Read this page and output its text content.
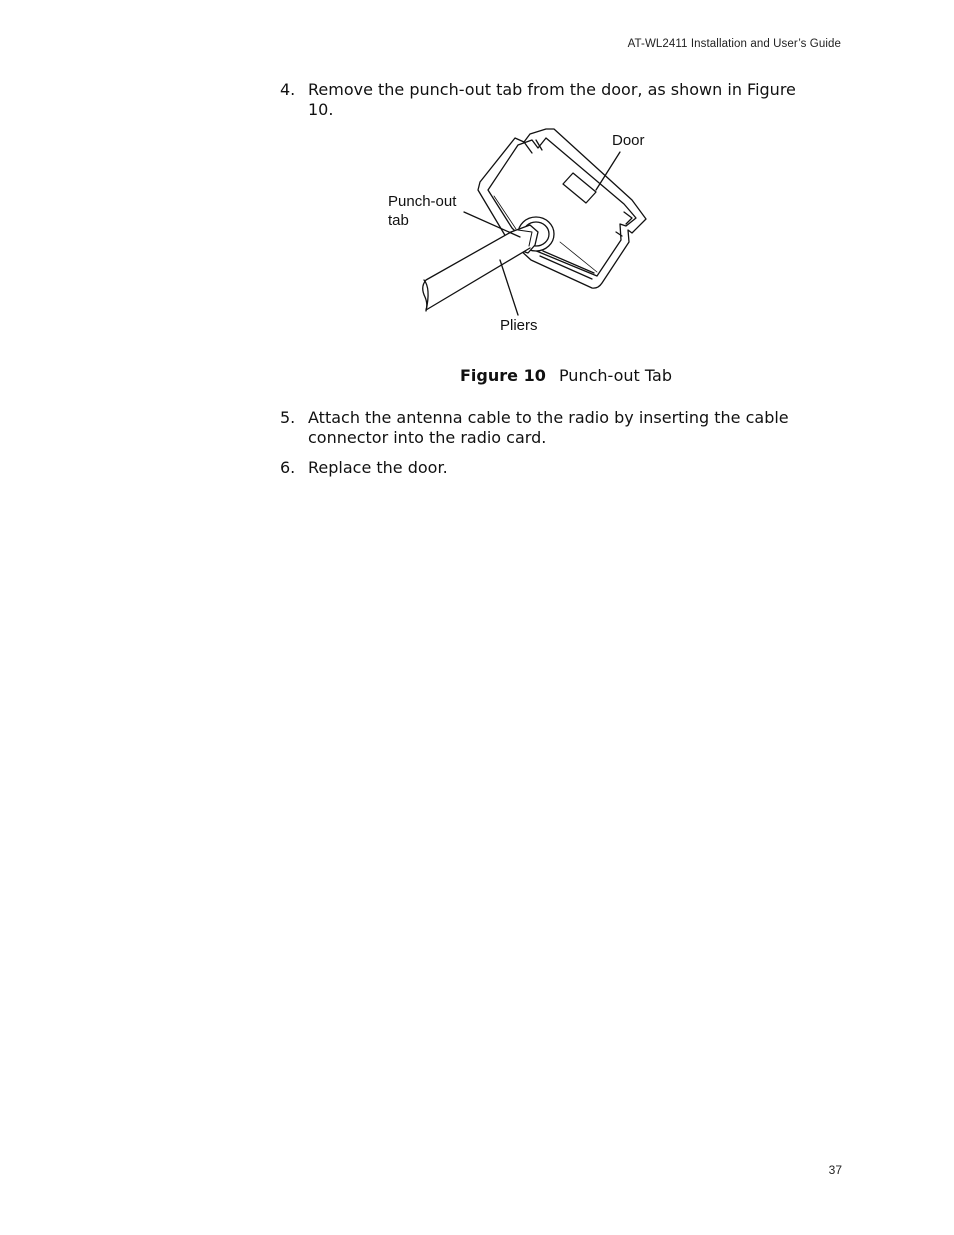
AT-WL2411 Installation and User’s Guide
4. Remove the punch-out tab from the door, as shown in Figure 10.
Door
Punch-out tab
Pliers
Figure 10 Punch-out Tab
5. Attach the antenna cable to the radio by inserting the cable connector into the radio card.
6. Replace the door.
37
